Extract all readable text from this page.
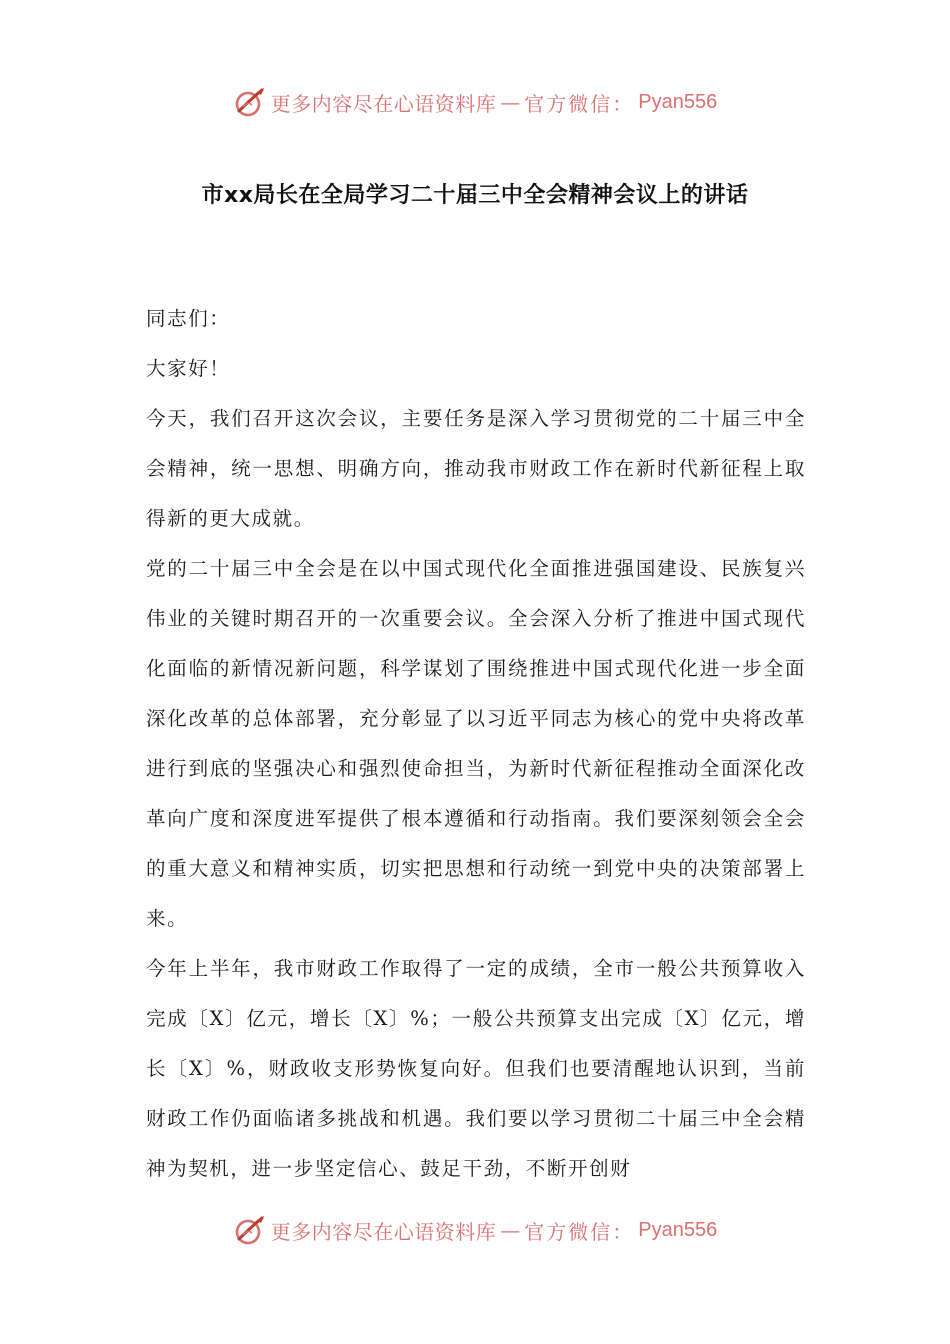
更多内容尽在心语资料库 — 官方微信： Pyan556
市xx局长在全局学习二十届三中全会精神会议上的讲话

同志们：

大家好！

今天，我们召开这次会议，主要任务是深入学习贯彻党的二十届三中全会精神，统一思想、明确方向，推动我市财政工作在新时代新征程上取得新的更大成就。

党的二十届三中全会是在以中国式现代化全面推进强国建设、民族复兴伟业的关键时期召开的一次重要会议。全会深入分析了推进中国式现代化面临的新情况新问题，科学谋划了围绕推进中国式现代化进一步全面深化改革的总体部署，充分彰显了以习近平同志为核心的党中央将改革进行到底的坚强决心和强烈使命担当，为新时代新征程推动全面深化改革向广度和深度进军提供了根本遵循和行动指南。我们要深刻领会全会的重大意义和精神实质，切实把思想和行动统一到党中央的决策部署上来。

今年上半年，我市财政工作取得了一定的成绩，全市一般公共预算收入完成〔X〕亿元，增长〔X〕%；一般公共预算支出完成〔X〕亿元，增长〔X〕%，财政收支形势恢复向好。但我们也要清醒地认识到，当前财政工作仍面临诸多挑战和机遇。我们要以学习贯彻二十届三中全会精神为契机，进一步坚定信心、鼓足干劲，不断开创财

更多内容尽在心语资料库 — 官方微信： Pyan556
